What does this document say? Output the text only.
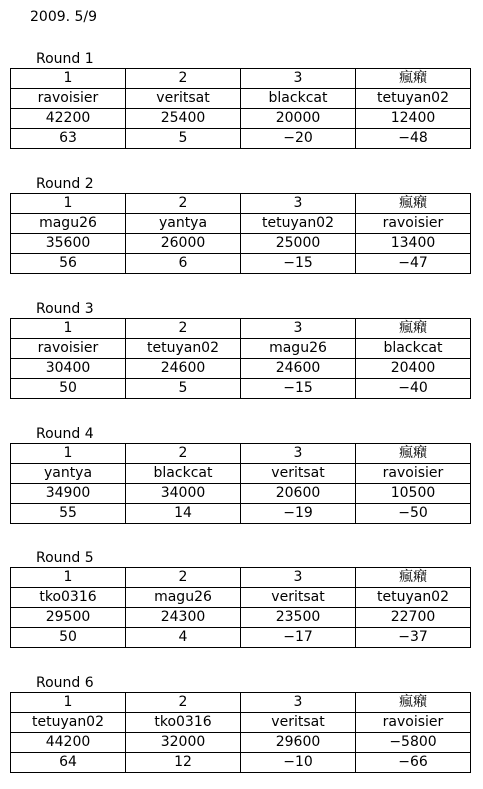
2009. 5/9
Round 1
1	2	3	瘋癪
ravoisier	veritsat	blackcat	tetuyan02
42200	25400	20000	12400
63	5	−20	−48
Round 2
1	2	3	瘋癪
magu26	yantya	tetuyan02	ravoisier
35600	26000	25000	13400
56	6	−15	−47
Round 3
1	2	3	瘋癪
ravoisier	tetuyan02	magu26	blackcat
30400	24600	24600	20400
50	5	−15	−40
Round 4
1	2	3	瘋癪
yantya	blackcat	veritsat	ravoisier
34900	34000	20600	10500
55	14	−19	−50
Round 5
1	2	3	瘋癪
tko0316	magu26	veritsat	tetuyan02
29500	24300	23500	22700
50	4	−17	−37
Round 6
1	2	3	瘋癪
tetuyan02	tko0316	veritsat	ravoisier
44200	32000	29600	−5800
64	12	−10	−66
